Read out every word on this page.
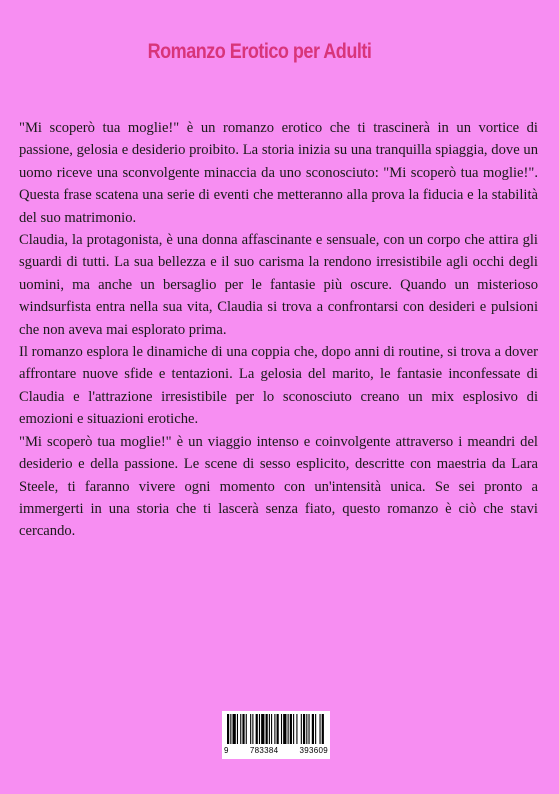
Romanzo Erotico per Adulti

"Mi scoperò tua moglie!" è un romanzo erotico che ti trascinerà in un vortice di passione, gelosia e desiderio proibito. La storia inizia su una tranquilla spiaggia, dove un uomo riceve una sconvolgente minaccia da uno sconosciuto: "Mi scoperò tua moglie!". Questa frase scatena una serie di eventi che metteranno alla prova la fiducia e la stabilità del suo matrimonio.

Claudia, la protagonista, è una donna affascinante e sensuale, con un corpo che attira gli sguardi di tutti. La sua bellezza e il suo carisma la rendono irresistibile agli occhi degli uomini, ma anche un bersaglio per le fantasie più oscure. Quando un misterioso windsurfista entra nella sua vita, Claudia si trova a confrontarsi con desideri e pulsioni che non aveva mai esplorato prima.

Il romanzo esplora le dinamiche di una coppia che, dopo anni di routine, si trova a dover affrontare nuove sfide e tentazioni. La gelosia del marito, le fantasie inconfessate di Claudia e l'attrazione irresistibile per lo sconosciuto creano un mix esplosivo di emozioni e situazioni erotiche.

"Mi scoperò tua moglie!" è un viaggio intenso e coinvolgente attraverso i meandri del desiderio e della passione. Le scene di sesso esplicito, descritte con maestria da Lara Steele, ti faranno vivere ogni momento con un'intensità unica. Se sei pronto a immergerti in una storia che ti lascerà senza fiato, questo romanzo è ciò che stavi cercando.

9	783384	393609
